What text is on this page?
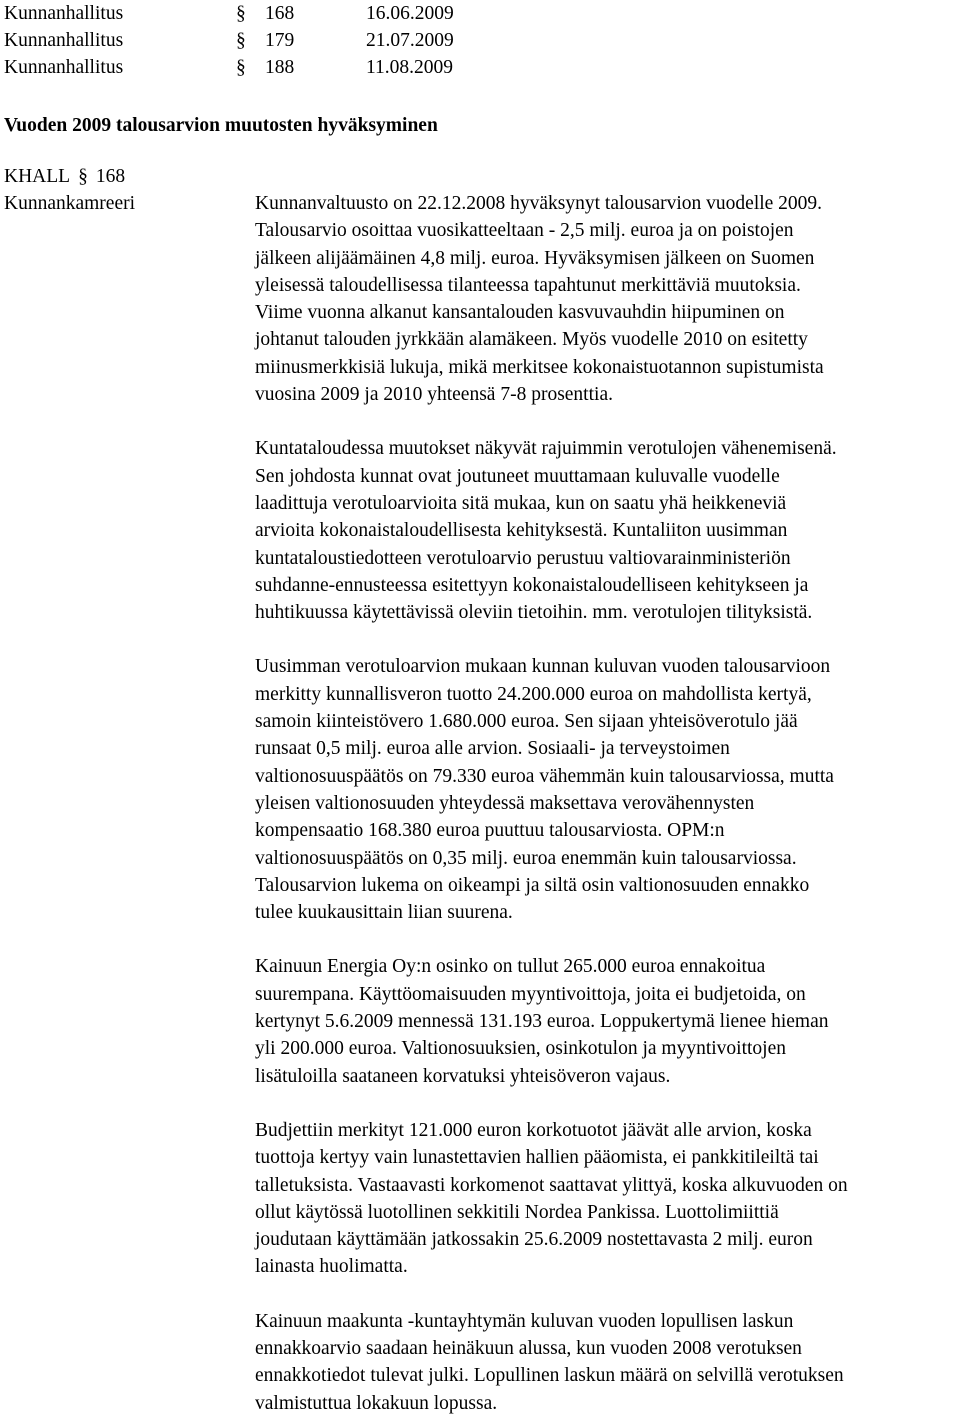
Kunnanhallitus	§ 168	16.06.2009
Kunnanhallitus	§ 179	21.07.2009
Kunnanhallitus	§ 188	11.08.2009
Vuoden 2009 talousarvion muutosten hyväksyminen
KHALL § 168
Kunnankamreeri	Kunnanvaltuusto on 22.12.2008 hyväksynyt talousarvion vuodelle 2009.
Talousarvio osoittaa vuosikatteeltaan - 2,5 milj. euroa ja on poistojen
jälkeen alijäämäinen 4,8 milj. euroa. Hyväksymisen jälkeen on Suomen
yleisessä taloudellisessa tilanteessa tapahtunut merkittäviä muutoksia.
Viime vuonna alkanut kansantalouden kasvuvauhdin hiipuminen on
johtanut talouden jyrkkään alamäkeen. Myös vuodelle 2010 on esitetty
miinusmerkkisiä lukuja, mikä merkitsee kokonaistuotannon supistumista
vuosina 2009 ja 2010 yhteensä 7-8 prosenttia.
Kuntataloudessa muutokset näkyvät rajuimmin verotulojen vähenemisenä.
Sen johdosta kunnat ovat joutuneet muuttamaan kuluvalle vuodelle
laadittuja verotuloarvioita sitä mukaa, kun on saatu yhä heikkeneviä
arvioita kokonaistaloudellisesta kehityksestä. Kuntaliiton uusimman
kuntataloustiedotteen verotuloarvio perustuu valtiovarainministeriön
suhdanne-ennusteessa esitettyyn kokonaistaloudelliseen kehitykseen ja
huhtikuussa käytettävissä oleviin tietoihin. mm. verotulojen tilityksistä.
Uusimman verotuloarvion mukaan kunnan kuluvan vuoden talousarvioon
merkitty kunnallisveron tuotto 24.200.000 euroa on mahdollista kertyä,
samoin kiinteistövero 1.680.000 euroa. Sen sijaan yhteisöverotulo jää
runsaat 0,5 milj. euroa alle arvion. Sosiaali- ja terveystoimen
valtionosuuspäätös on 79.330 euroa vähemmän kuin talousarviossa, mutta
yleisen valtionosuuden yhteydessä maksettava verovähennysten
kompensaatio 168.380 euroa puuttuu talousarviosta. OPM:n
valtionosuuspäätös on 0,35 milj. euroa enemmän kuin talousarviossa.
Talousarvion lukema on oikeampi ja siltä osin valtionosuuden ennakko
tulee kuukausittain liian suurena.
Kainuun Energia Oy:n osinko on tullut 265.000 euroa ennakoitua
suurempana. Käyttöomaisuuden myyntivoittoja, joita ei budjetoida, on
kertynyt 5.6.2009 mennessä 131.193 euroa. Loppukertymä lienee hieman
yli 200.000 euroa. Valtionosuuksien, osinkotulon ja myyntivoittojen
lisätuloilla saataneen korvatuksi yhteisöveron vajaus.
Budjettiin merkityt 121.000 euron korkotuotot jäävät alle arvion, koska
tuottoja kertyy vain lunastettavien hallien pääomista, ei pankkitileiltä tai
talletuksista. Vastaavasti korkomenot saattavat ylittyä, koska alkuvuoden on
ollut käytössä luotollinen sekkitili Nordea Pankissa. Luottolimiittiä
joudutaan käyttämään jatkossakin 25.6.2009 nostettavasta 2 milj. euron
lainasta huolimatta.
Kainuun maakunta -kuntayhtymän kuluvan vuoden lopullisen laskun
ennakkoarvio saadaan heinäkuun alussa, kun vuoden 2008 verotuksen
ennakkotiedot tulevat julki. Lopullinen laskun määrä on selvillä verotuksen
valmistuttua lokakuun lopussa.
